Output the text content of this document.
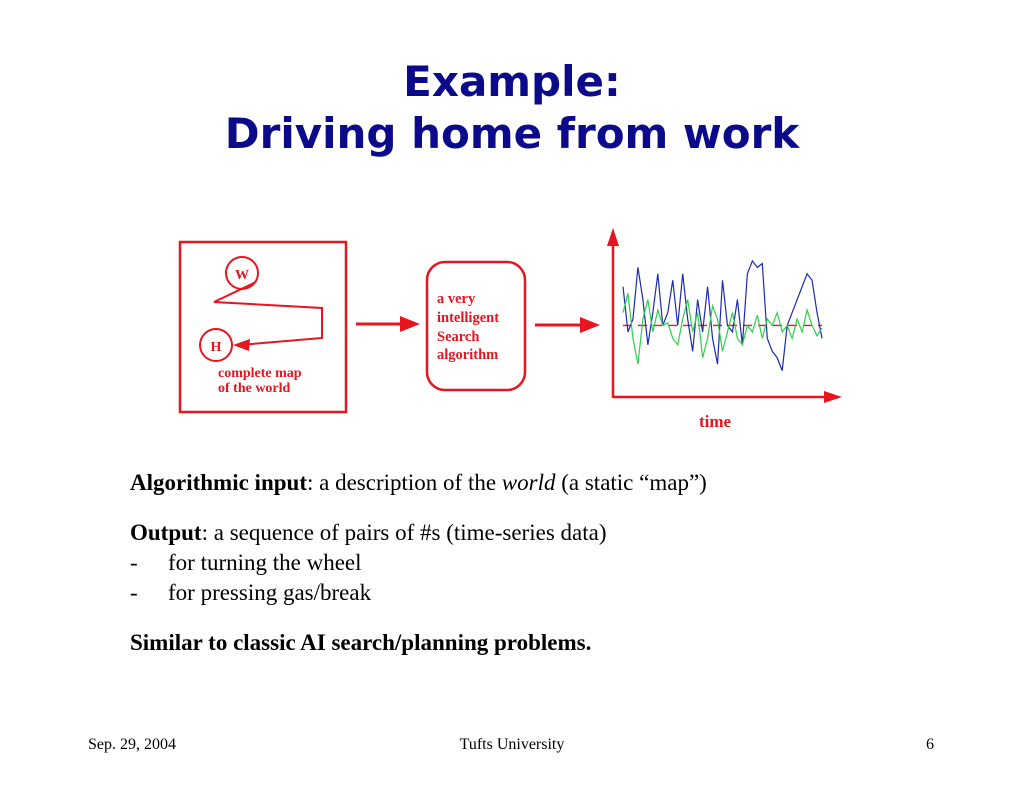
Example:
Driving home from work
W
H
complete map
of the world
a very
intelligent
Search
algorithm
time

Algorithmic input: a description of the world (a static “map”)

Output: a sequence of pairs of #s (time-series data)

-	for turning the wheel

-	for pressing gas/break

Similar to classic AI search/planning problems.

Sep. 29, 2004	Tufts University	6
